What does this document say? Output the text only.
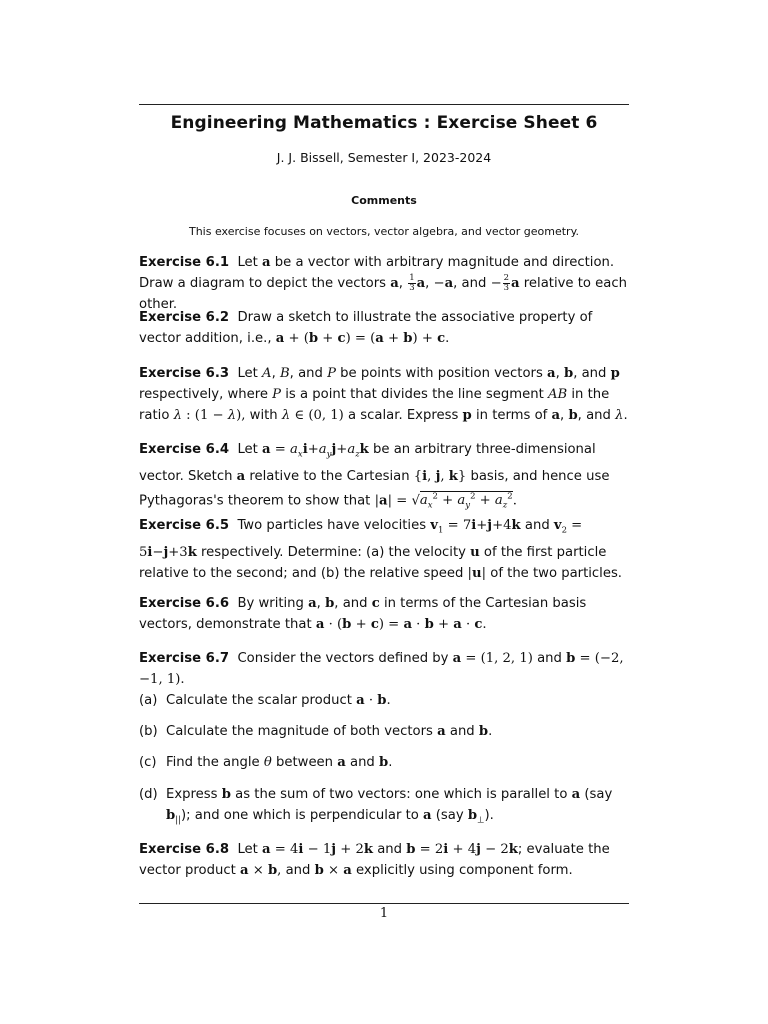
Engineering Mathematics : Exercise Sheet 6
J. J. Bissell, Semester I, 2023-2024
Comments
This exercise focuses on vectors, vector algebra, and vector geometry.
Exercise 6.1 Let a be a vector with arbitrary magnitude and direction. Draw a diagram to depict the vectors a, $\frac{1}{3} a$, −a, and − $\frac{2}{3}$ a relative to each other.
Exercise 6.2 Draw a sketch to illustrate the associative property of vector addition, i.e., a + (b + c) = (a + b) + c.
Exercise 6.3 Let A, B, and P be points with position vectors a, b, and p respectively, where P is a point that divides the line segment AB in the ratio λ : (1 − λ), with λ ∈ (0, 1) a scalar. Express p in terms of a, b, and λ.
Exercise 6.4 Let $a = a_xi+a_yj+a_zk$ be an arbitrary three-dimensional vector. Sketch a relative to the Cartesian {i, j, k} basis, and hence use Pythagoras's theorem to show that $|a| = √a_x^2 + a_y^2 + a_z^2$.
Exercise 6.5 Two particles have velocities $v_1 = 7i+j+4k$ and $v_2 = 5i-j+3k$ respectively. Determine: (a) the velocity u of the first particle relative to the second; and (b) the relative speed |u| of the two particles.
Exercise 6.6 By writing a, b, and c in terms of the Cartesian basis vectors, demonstrate that a · (b + c) = a · b + a · c.
Exercise 6.7 Consider the vectors defined by a = (1, 2, 1) and b = (−2, −1, 1).
(a) Calculate the scalar product a · b.
(b) Calculate the magnitude of both vectors a and b.
(c) Find the angle θ between a and b.
(d) Express b as the sum of two vectors: one which is parallel to a (say $b_{||}$); and one which is perpendicular to a (say $b_\perp$).
Exercise 6.8 Let a = 4i − 1j + 2k and b = 2i + 4j − 2k; evaluate the vector product a × b, and b × a explicitly using component form.
1
